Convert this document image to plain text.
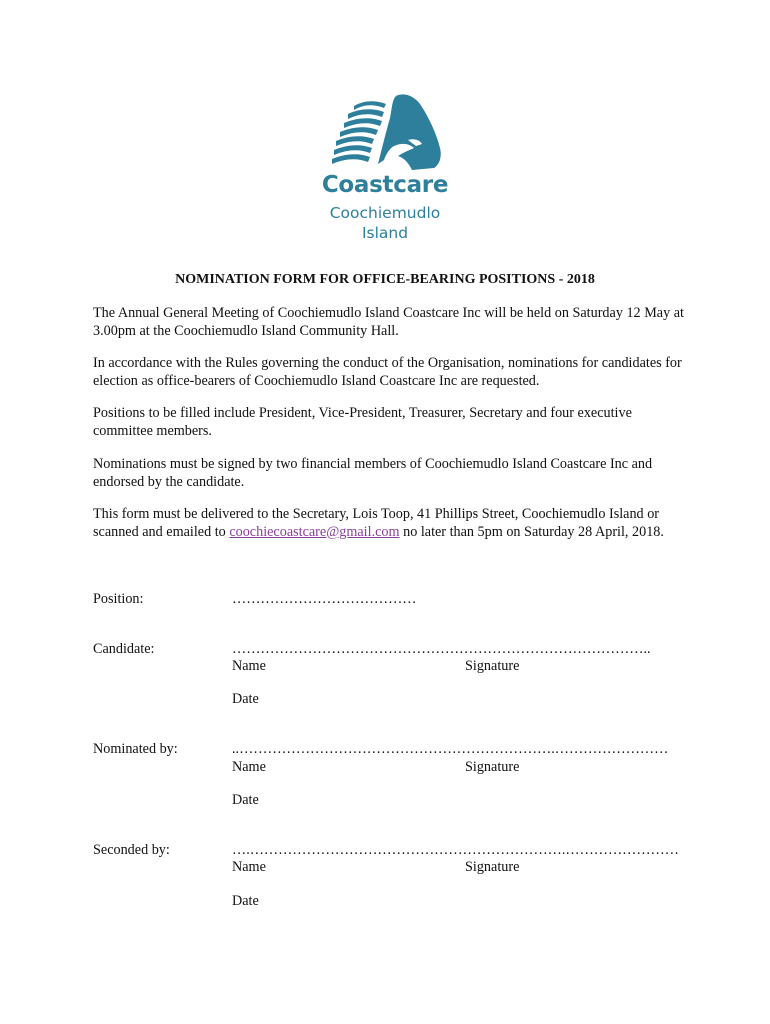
Coastcare
Coochiemudlo
Island
NOMINATION FORM FOR OFFICE-BEARING POSITIONS - 2018
The Annual General Meeting of Coochiemudlo Island Coastcare Inc will be held on Saturday 12 May at 3.00pm at the Coochiemudlo Island Community Hall.
In accordance with the Rules governing the conduct of the Organisation, nominations for candidates for election as office-bearers of Coochiemudlo Island Coastcare Inc are requested.
Positions to be filled include President, Vice-President, Treasurer, Secretary and four executive committee members.
Nominations must be signed by two financial members of Coochiemudlo Island Coastcare Inc and endorsed by the candidate.
This form must be delivered to the Secretary, Lois Toop, 41 Phillips Street, Coochiemudlo Island or scanned and emailed to coochiecoastcare@gmail.com no later than 5pm on Saturday 28 April, 2018.
Position:	…………………………………
Candidate:	……………………………………………………………………………..
Name	Signature
Date
Nominated by:	..………………………………………………………….……………………
Name	Signature
Date
Seconded by:	….………………………………………………………….……………………
Name	Signature
Date
